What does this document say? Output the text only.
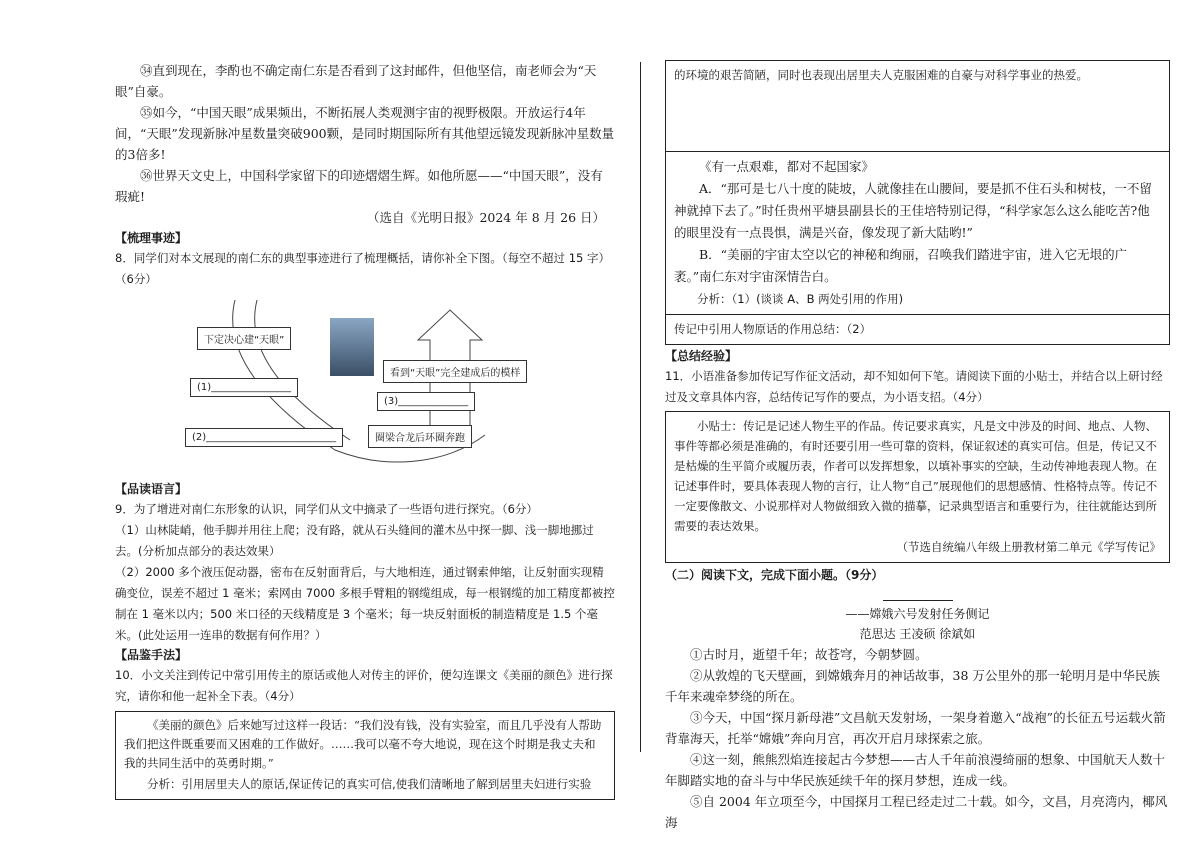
㉞直到现在，李酌也不确定南仁东是否看到了这封邮件，但他坚信，南老师会为“天眼”自豪。

㉟如今，“中国天眼”成果频出，不断拓展人类观测宇宙的视野极限。开放运行4年间，“天眼”发现新脉冲星数量突破900颗，是同时期国际所有其他望远镜发现新脉冲星数量的3倍多!

㊱世界天文史上，中国科学家留下的印迹熠熠生辉。如他所愿——“中国天眼”，没有瑕疵!

（选自《光明日报》2024 年 8 月 26 日）

【梳理事迹】

8．同学们对本文展现的南仁东的典型事迹进行了梳理概括，请你补全下图。（每空不超过 15 字）（6分）

下定决心建“天眼”
看到“天眼”完全建成后的模样
(1)________________
(3)______________
(2)__________________________	圈梁合龙后环圈奔跑

【品读语言】

9．为了增进对南仁东形象的认识，同学们从文中摘录了一些语句进行探究。（6分）

（1）山林陡峭，他手脚并用往上爬；没有路，就从石头缝间的灌木丛中探一脚、浅一脚地挪过去。(分析加点部分的表达效果）

（2）2000 多个液压促动器，密布在反射面背后，与大地相连，通过钢索伸缩，让反射面实现精确变位，误差不超过 1 毫米；索网由 7000 多根手臂粗的钢缆组成，每一根钢缆的加工精度都被控制在 1 毫米以内；500 米口径的天线精度是 3 个毫米；每一块反射面板的制造精度是 1.5 个毫米。(此处运用一连串的数据有何作用？）

【品鉴手法】

10．小文关注到传记中常引用传主的原话或他人对传主的评价，便勾连课文《美丽的颜色》进行探究，请你和他一起补全下表。（4分）

《美丽的颜色》后来她写过这样一段话：“我们没有钱，没有实验室，而且几乎没有人帮助我们把这件既重要而又困难的工作做好。……我可以毫不夸大地说，现在这个时期是我丈夫和我的共同生活中的英勇时期。”

分析：引用居里夫人的原话,保证传记的真实可信,使我们清晰地了解到居里夫妇进行实验

的环境的艰苦简陋，同时也表现出居里夫人克服困难的自豪与对科学事业的热爱。

《有一点艰难，都对不起国家》

A．“那可是七八十度的陡坡，人就像挂在山腰间，要是抓不住石头和树枝，一不留神就掉下去了。”时任贵州平塘县副县长的王佳培特别记得，“科学家怎么这么能吃苦?他的眼里没有一点畏惧，满是兴奋，像发现了新大陆哟!”

B．“美丽的宇宙太空以它的神秘和绚丽，召唤我们踏进宇宙，进入它无垠的广袤。”南仁东对宇宙深情告白。

分析：（1）(谈谈 A、B 两处引用的作用)

传记中引用人物原话的作用总结：（2）

【总结经验】

11．小语准备参加传记写作征文活动，却不知如何下笔。请阅读下面的小贴士，并结合以上研讨经过及文章具体内容，总结传记写作的要点，为小语支招。（4分）

小贴士：传记是记述人物生平的作品。传记要求真实，凡是文中涉及的时间、地点、人物、事件等都必须是准确的，有时还要引用一些可靠的资料，保证叙述的真实可信。但是，传记又不是枯燥的生平简介或履历表，作者可以发挥想象，以填补事实的空缺，生动传神地表现人物。在记述事件时，要具体表现人物的言行，让人物“自己”展现他们的思想感情、性格特点等。传记不一定要像散文、小说那样对人物做细致入微的描摹，记录典型语言和重要行为，往往就能达到所需要的表达效果。

（节选自统编八年级上册教材第二单元《学写传记》

（二）阅读下文，完成下面小题。（9分）

——嫦娥六号发射任务侧记

范思达 王凌硕 徐斌如

①古时月，逝望千年；故苍穹，今朝梦圆。

②从敦煌的飞天壁画，到嫦娥奔月的神话故事，38 万公里外的那一轮明月是中华民族千年来魂牵梦绕的所在。

③今天，中国“探月新母港”文昌航天发射场，一架身着邀入“战袍”的长征五号运载火箭背靠海天，托举“嫦娥”奔向月宫，再次开启月球探索之旅。

④这一刻，熊熊烈焰连接起古今梦想——古人千年前浪漫绮丽的想象、中国航天人数十年脚踏实地的奋斗与中华民族延续千年的探月梦想，连成一线。

⑤自 2004 年立项至今，中国探月工程已经走过二十载。如今，文昌，月亮湾内，椰风海
